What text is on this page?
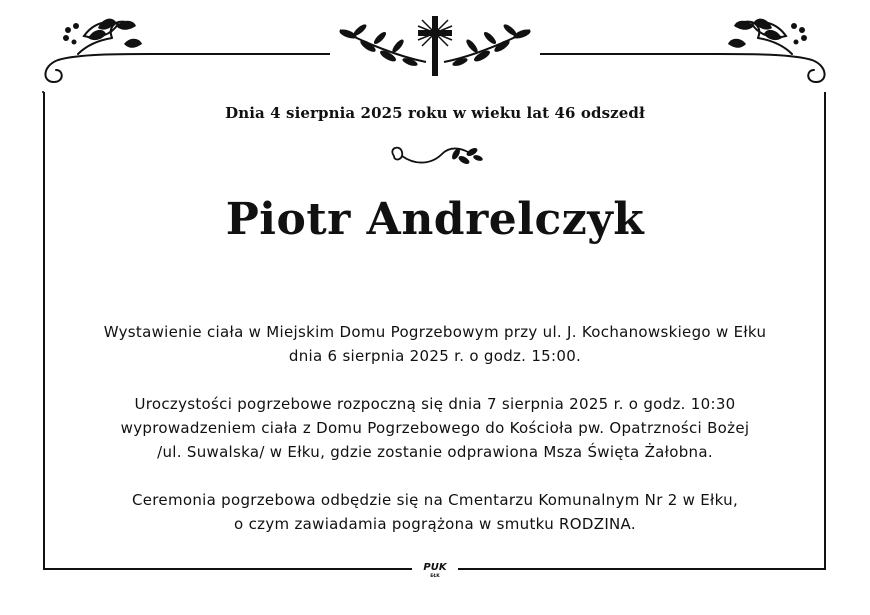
Dnia 4 sierpnia 2025 roku w wieku lat 46 odszedł
Piotr Andrelczyk
Wystawienie ciała w Miejskim Domu Pogrzebowym przy ul. J. Kochanowskiego w Ełku
dnia 6 sierpnia 2025 r. o godz. 15:00.
Uroczystości pogrzebowe rozpoczną się dnia 7 sierpnia 2025 r. o godz. 10:30
wyprowadzeniem ciała z Domu Pogrzebowego do Kościoła pw. Opatrzności Bożej
/ul. Suwalska/ w Ełku, gdzie zostanie odprawiona Msza Święta Żałobna.
Ceremonia pogrzebowa odbędzie się na Cmentarzu Komunalnym Nr 2 w Ełku,
o czym zawiadamia pogrążona w smutku RODZINA.
PUK
EŁK
